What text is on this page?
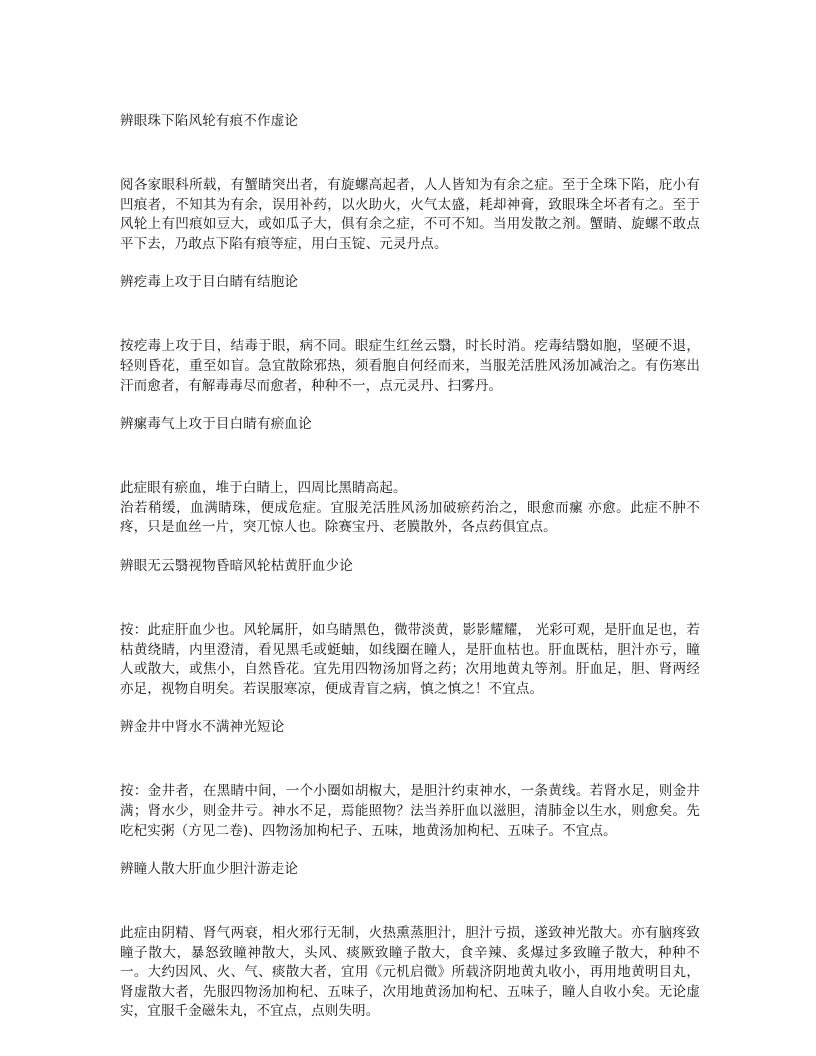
辨眼珠下陷风轮有痕不作虚论

阅各家眼科所载，有蟹睛突出者，有旋螺高起者，人人皆知为有余之症。至于全珠下陷，庇小有凹痕者，不知其为有余，误用补药，以火助火，火气太盛，耗却神膏，致眼珠全坏者有之。至于风轮上有凹痕如豆大，或如瓜子大，俱有余之症，不可不知。当用发散之剂。蟹睛、旋螺不敢点平下去，乃敢点下陷有痕等症，用白玉锭、元灵丹点。

辨疙毒上攻于目白睛有结胞论

按疙毒上攻于目，结毒于眼，病不同。眼症生红丝云翳，时长时消。疙毒结翳如胞，坚硬不退，轻则昏花，重至如盲。急宜散除邪热，须看胞自何经而来，当服羌活胜风汤加减治之。有伤寒出汗而愈者，有解毒毒尽而愈者，种种不一，点元灵丹、扫雾丹。

辨瘰毒气上攻于目白睛有瘀血论

此症眼有瘀血，堆于白睛上，四周比黑睛高起。

治若稍缓，血满睛珠，便成危症。宜服羌活胜风汤加破瘀药治之，眼愈而瘰 亦愈。此症不肿不疼，只是血丝一片，突兀惊人也。除赛宝丹、老膜散外，各点药俱宜点。

辨眼无云翳视物昏暗风轮枯黄肝血少论

按：此症肝血少也。风轮属肝，如乌睛黑色，微带淡黄，影影耀耀， 光彩可观，是肝血足也，若枯黄绕睛，内里澄清，看见黑毛或蜓蚰，如线圈在瞳人，是肝血枯也。肝血既枯，胆汁亦亏，瞳人或散大，或焦小，自然昏花。宜先用四物汤加肾之药；次用地黄丸等剂。肝血足，胆、肾两经亦足，视物自明矣。若误服寒凉，便成青盲之病，慎之慎之！不宜点。

辨金井中肾水不满神光短论

按：金井者，在黑睛中间，一个小圈如胡椒大，是胆汁约束神水，一条黄线。若肾水足，则金井满；肾水少，则金井亏。神水不足，焉能照物？法当养肝血以滋胆，清肺金以生水，则愈矣。先吃杞实粥（方见二卷)、四物汤加枸杞子、五味，地黄汤加枸杞、五味子。不宜点。

辨瞳人散大肝血少胆汁游走论

此症由阴精、肾气两衰，相火邪行无制，火热熏蒸胆汁，胆汁亏损，遂致神光散大。亦有脑疼致瞳子散大，暴怒致瞳神散大，头风、痰厥致瞳子散大，食辛辣、炙爆过多致瞳子散大，种种不一。大约因风、火、气、痰散大者，宜用《元机启微》所载济阴地黄丸收小，再用地黄明目丸，肾虚散大者，先服四物汤加枸杞、五味子，次用地黄汤加枸杞、五味子，瞳人自收小矣。无论虚实，宜服千金磁朱丸，不宜点，点则失明。
